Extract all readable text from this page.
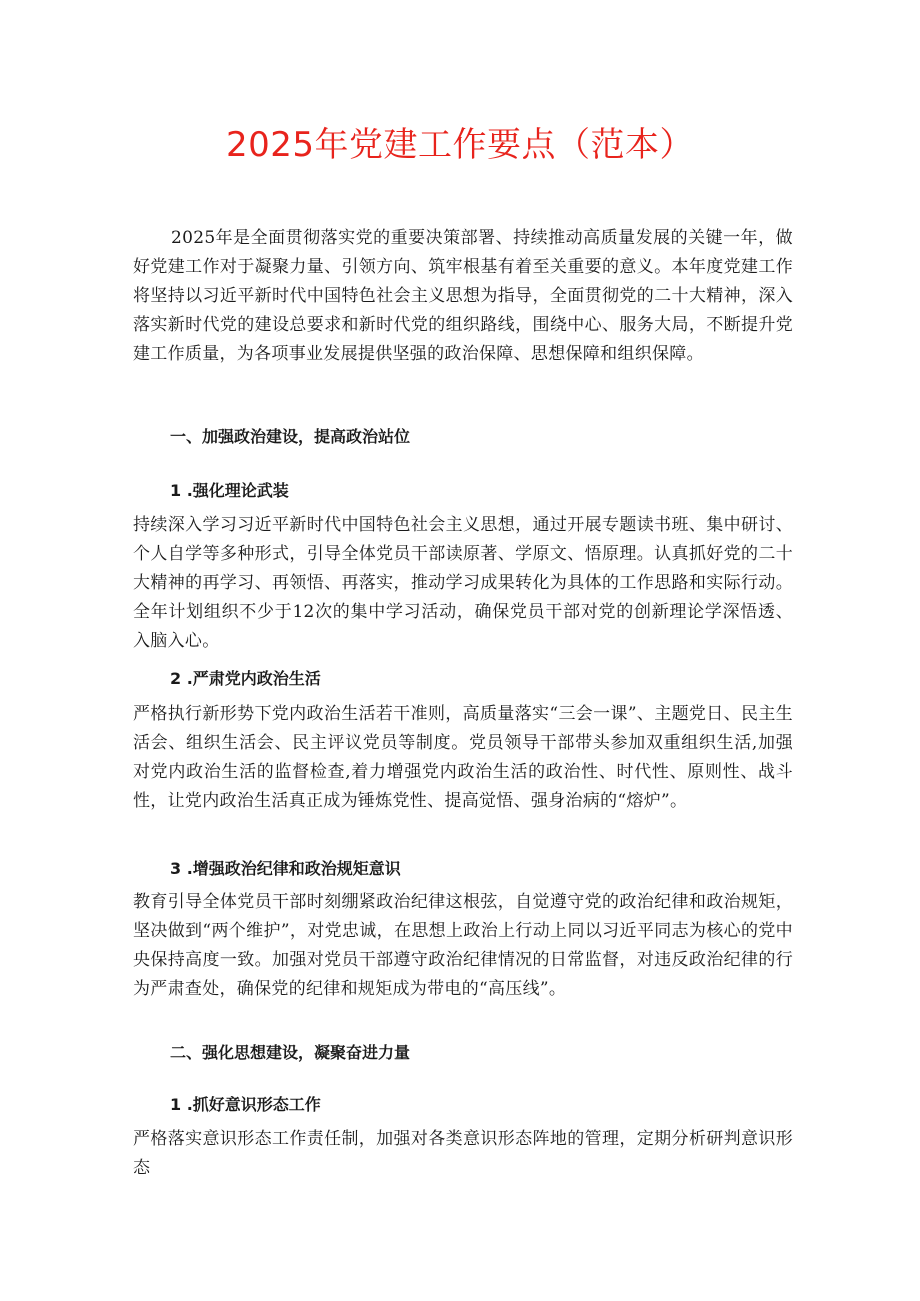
2025年党建工作要点（范本）
2025年是全面贯彻落实党的重要决策部署、持续推动高质量发展的关键一年，做好党建工作对于凝聚力量、引领方向、筑牢根基有着至关重要的意义。本年度党建工作将坚持以习近平新时代中国特色社会主义思想为指导，全面贯彻党的二十大精神，深入落实新时代党的建设总要求和新时代党的组织路线，围绕中心、服务大局，不断提升党建工作质量，为各项事业发展提供坚强的政治保障、思想保障和组织保障。
一、加强政治建设，提高政治站位
1 .强化理论武装
持续深入学习习近平新时代中国特色社会主义思想，通过开展专题读书班、集中研讨、个人自学等多种形式，引导全体党员干部读原著、学原文、悟原理。认真抓好党的二十大精神的再学习、再领悟、再落实，推动学习成果转化为具体的工作思路和实际行动。全年计划组织不少于12次的集中学习活动，确保党员干部对党的创新理论学深悟透、入脑入心。
2 .严肃党内政治生活
严格执行新形势下党内政治生活若干准则，高质量落实“三会一课”、主题党日、民主生活会、组织生活会、民主评议党员等制度。党员领导干部带头参加双重组织生活,加强对党内政治生活的监督检查,着力增强党内政治生活的政治性、时代性、原则性、战斗性，让党内政治生活真正成为锤炼党性、提高觉悟、强身治病的“熔炉”。
3 .增强政治纪律和政治规矩意识
教育引导全体党员干部时刻绷紧政治纪律这根弦，自觉遵守党的政治纪律和政治规矩，坚决做到“两个维护”，对党忠诚，在思想上政治上行动上同以习近平同志为核心的党中央保持高度一致。加强对党员干部遵守政治纪律情况的日常监督，对违反政治纪律的行为严肃查处，确保党的纪律和规矩成为带电的“高压线”。
二、强化思想建设，凝聚奋进力量
1 .抓好意识形态工作
严格落实意识形态工作责任制，加强对各类意识形态阵地的管理，定期分析研判意识形态
